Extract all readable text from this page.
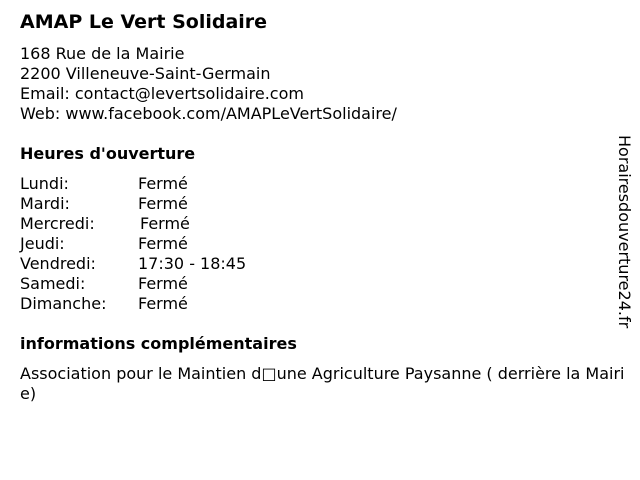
AMAP Le Vert Solidaire
168 Rue de la Mairie
2200 Villeneuve-Saint-Germain
Email: contact@levertsolidaire.com
Web: www.facebook.com/AMAPLeVertSolidaire/
Heures d'ouverture
Lundi:	Fermé
Mardi:	Fermé
Mercredi:	Fermé
Jeudi:	Fermé
Vendredi:	17:30 - 18:45
Samedi:	Fermé
Dimanche: Fermé
informations complémentaires
Association pour le Maintien d□une Agriculture Paysanne ( derrière la Mairie)
Horairesdouverture24.fr
